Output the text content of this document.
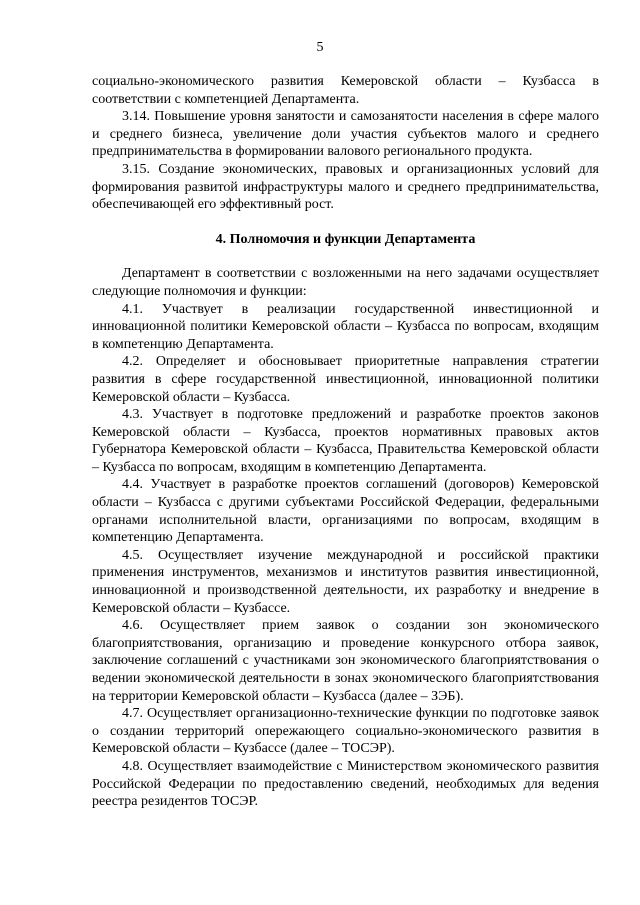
5

социально-экономического развития Кемеровской области – Кузбасса в соответствии с компетенцией Департамента.

3.14. Повышение уровня занятости и самозанятости населения в сфере малого и среднего бизнеса, увеличение доли участия субъектов малого и среднего предпринимательства в формировании валового регионального продукта.

3.15. Создание экономических, правовых и организационных условий для формирования развитой инфраструктуры малого и среднего предпринимательства, обеспечивающей его эффективный рост.

4. Полномочия и функции Департамента

Департамент в соответствии с возложенными на него задачами осуществляет следующие полномочия и функции:

4.1. Участвует в реализации государственной инвестиционной и инновационной политики Кемеровской области – Кузбасса по вопросам, входящим в компетенцию Департамента.

4.2. Определяет и обосновывает приоритетные направления стратегии развития в сфере государственной инвестиционной, инновационной политики Кемеровской области – Кузбасса.

4.3. Участвует в подготовке предложений и разработке проектов законов Кемеровской области – Кузбасса, проектов нормативных правовых актов Губернатора Кемеровской области – Кузбасса, Правительства Кемеровской области – Кузбасса по вопросам, входящим в компетенцию Департамента.

4.4. Участвует в разработке проектов соглашений (договоров) Кемеровской области – Кузбасса с другими субъектами Российской Федерации, федеральными органами исполнительной власти, организациями по вопросам, входящим в компетенцию Департамента.

4.5. Осуществляет изучение международной и российской практики применения инструментов, механизмов и институтов развития инвестиционной, инновационной и производственной деятельности, их разработку и внедрение в Кемеровской области – Кузбассе.

4.6. Осуществляет прием заявок о создании зон экономического благоприятствования, организацию и проведение конкурсного отбора заявок, заключение соглашений с участниками зон экономического благоприятствования о ведении экономической деятельности в зонах экономического благоприятствования на территории Кемеровской области – Кузбасса (далее – ЗЭБ).

4.7. Осуществляет организационно-технические функции по подготовке заявок о создании территорий опережающего социально-экономического развития в Кемеровской области – Кузбассе (далее – ТОСЭР).

4.8. Осуществляет взаимодействие с Министерством экономического развития Российской Федерации по предоставлению сведений, необходимых для ведения реестра резидентов ТОСЭР.
